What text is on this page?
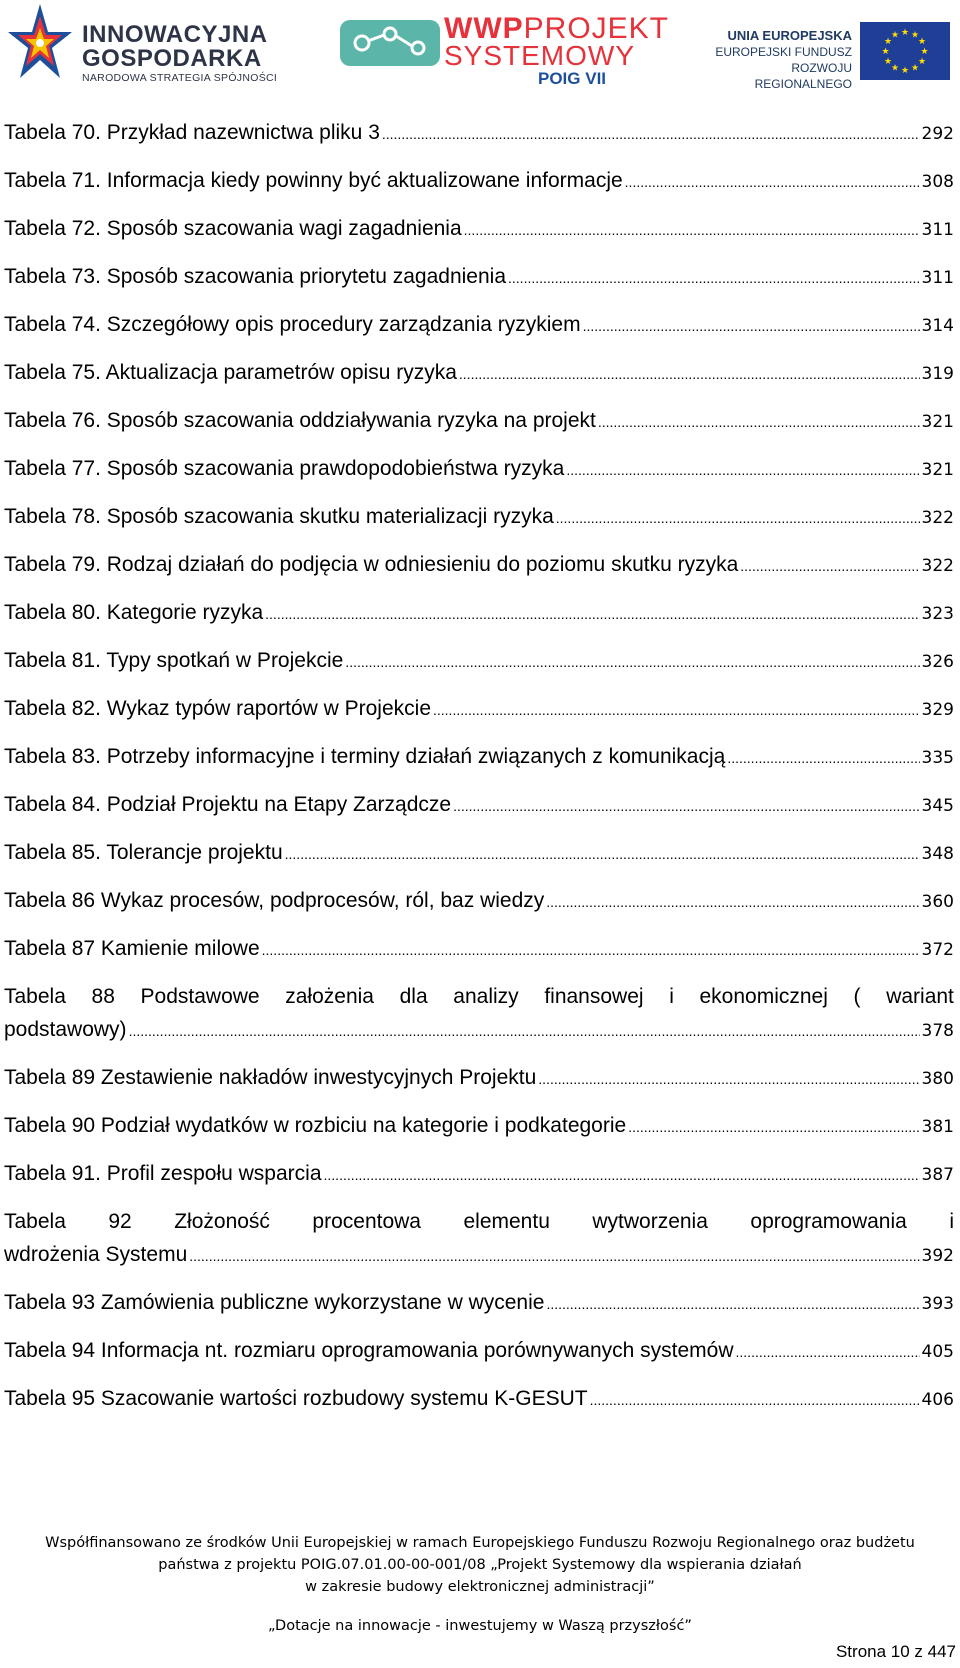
INNOWACYJNA
GOSPODARKA
NARODOWA STRATEGIA SPÓJNOŚCI
WWPPROJEKT
SYSTEMOWY
POIG VII
UNIA EUROPEJSKA
EUROPEJSKI FUNDUSZ
ROZWOJU REGIONALNEGO
★ ★
★
★
★
★
★
★
★
★
★
★
Tabela 70. Przykład nazewnictwa pliku 3 .....	292
Tabela 71. Informacja kiedy powinny być aktualizowane informacje .....	308
Tabela 72. Sposób szacowania wagi zagadnienia .....	311
Tabela 73. Sposób szacowania priorytetu zagadnienia .....	311
Tabela 74. Szczegółowy opis procedury zarządzania ryzykiem .....	314
Tabela 75. Aktualizacja parametrów opisu ryzyka .....	319
Tabela 76. Sposób szacowania oddziaływania ryzyka na projekt .....	321
Tabela 77. Sposób szacowania prawdopodobieństwa ryzyka .....	321
Tabela 78. Sposób szacowania skutku materializacji ryzyka .....	322
Tabela 79. Rodzaj działań do podjęcia w odniesieniu do poziomu skutku ryzyka .....	322
Tabela 80. Kategorie ryzyka .....	323
Tabela 81. Typy spotkań w Projekcie .....	326
Tabela 82. Wykaz typów raportów w Projekcie .....	329
Tabela 83. Potrzeby informacyjne i terminy działań związanych z komunikacją .....	335
Tabela 84. Podział Projektu na Etapy Zarządcze .....	345
Tabela 85. Tolerancje projektu .....	348
Tabela 86 Wykaz procesów, podprocesów, ról, baz wiedzy .....	360
Tabela 87 Kamienie milowe .....	372
Tabela 88 Podstawowe założenia dla analizy finansowej i ekonomicznej ( wariant
podstawowy) .....	378
Tabela 89 Zestawienie nakładów inwestycyjnych Projektu .....	380
Tabela 90 Podział wydatków w rozbiciu na kategorie i podkategorie .....	381
Tabela 91. Profil zespołu wsparcia .....	387
Tabela 92 Złożoność procentowa elementu wytworzenia oprogramowania i
wdrożenia Systemu .....	392
Tabela 93 Zamówienia publiczne wykorzystane w wycenie .....	393
Tabela 94 Informacja nt. rozmiaru oprogramowania porównywanych systemów .....	405
Tabela 95 Szacowanie wartości rozbudowy systemu K-GESUT .....	406
Współfinansowano ze środków Unii Europejskiej w ramach Europejskiego Funduszu Rozwoju Regionalnego oraz budżetu
państwa z projektu POIG.07.01.00-00-001/08 „Projekt Systemowy dla wspierania działań
w zakresie budowy elektronicznej administracji”
„Dotacje na innowacje - inwestujemy w Waszą przyszłość”
Strona 10 z 447
